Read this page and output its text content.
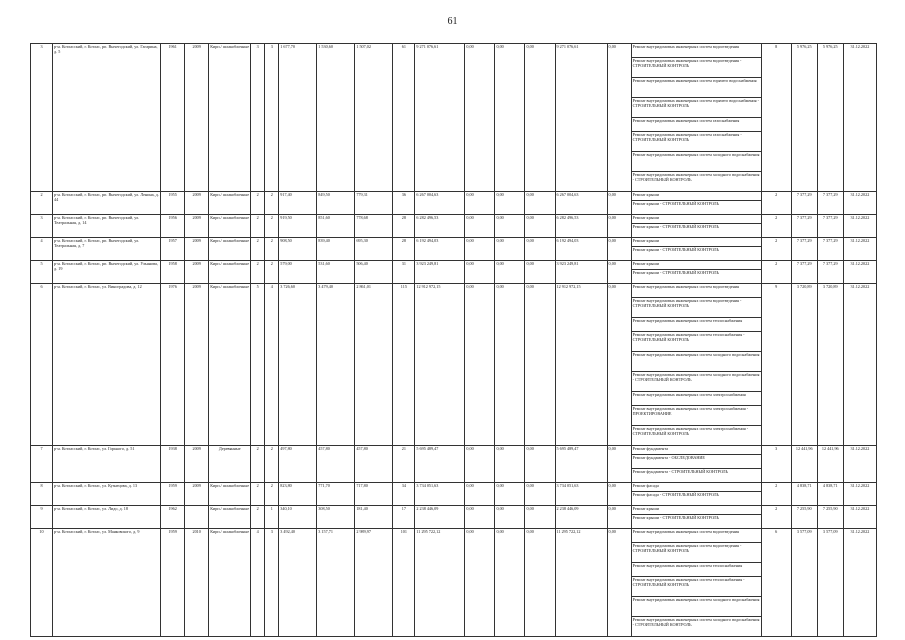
61
3	р-н. Котласский, г. Котлас, рп. Вычегодский, ул. Гагарина, д. 5	1961	2009	Кирп./ шлакоблочные	3	3	1 677,70	1 530,60	1 507,02	61	9 271 076,61	0,00	0,00	0,00	9 271 076,61	0,00	Ремонт внутридомовых инженерных систем водоотведения	8	5 976,25	5 976,25	31.12.2022
																	Ремонт внутридомовых инженерных систем водоотведения - СТРОИТЕЛЬНЫЙ КОНТРОЛЬ				
																	Ремонт внутридомовых инженерных систем горячего водоснабжения				
																	Ремонт внутридомовых инженерных систем горячего водоснабжения - СТРОИТЕЛЬНЫЙ КОНТРОЛЬ				
																	Ремонт внутридомовых инженерных систем газоснабжения				
																	Ремонт внутридомовых инженерных систем газоснабжения - СТРОИТЕЛЬНЫЙ КОНТРОЛЬ				
																	Ремонт внутридомовых инженерных систем холодного водоснабжения				
																	Ремонт внутридомовых инженерных систем холодного водоснабжения - СТРОИТЕЛЬНЫЙ КОНТРОЛЬ				
2	р-н. Котласский, г. Котлас, рп. Вычегодский, ул. Ленина, д. 44	1955	2009	Кирп./ шлакоблочные	2	2	917,40	849,50	779,31	36	6 267 004,63	0,00	0,00	0,00	6 267 004,63	0,00	Ремонт крыши	2	7 377,29	7 377,29	31.12.2022
																	Ремонт крыши - СТРОИТЕЛЬНЫЙ КОНТРОЛЬ				
3	р-н. Котласский, г. Котлас, рп. Вычегодский, ул. Театральная, д. 14	1956	2009	Кирп./ шлакоблочные	2	2	919,50	851,60	778,68	28	6 282 496,53	0,00	0,00	0,00	6 282 496,53	0,00	Ремонт крыши	2	7 377,29	7 377,29	31.12.2022
																	Ремонт крыши - СТРОИТЕЛЬНЫЙ КОНТРОЛЬ				
4	р-н. Котласский, г. Котлас, рп. Вычегодский, ул. Театральная, д. 7	1957	2009	Кирп./ шлакоблочные	2	2	908,50	839,40	695,30	28	6 192 494,03	0,00	0,00	0,00	6 192 494,03	0,00	Ремонт крыши	2	7 377,29	7 377,29	31.12.2022
																	Ремонт крыши - СТРОИТЕЛЬНЫЙ КОНТРОЛЬ				
5	р-н. Котласский, г. Котлас, рп. Вычегодский, ул. Ульянова, д. 19	1958	2009	Кирп./ шлакоблочные	2	2	579,00	531,60	506,40	31	3 923 249,81	0,00	0,00	0,00	3 923 249,81	0,00	Ремонт крыши	2	7 377,29	7 377,29	31.12.2022
																	Ремонт крыши - СТРОИТЕЛЬНЫЙ КОНТРОЛЬ				
6	р-н. Котласский, г. Котлас, ул. Виноградова, д. 12	1976	2009	Кирп./ шлакоблочные	5	4	3 726,60	3 479,40	2 861,01	115	12 912 972,15	0,00	0,00	0,00	12 912 972,15	0,00	Ремонт внутридомовых инженерных систем водоотведения	9	3 720,89	3 720,89	31.12.2022
																	Ремонт внутридомовых инженерных систем водоотведения - СТРОИТЕЛЬНЫЙ КОНТРОЛЬ				
																	Ремонт внутридомовых инженерных систем теплоснабжения				
																	Ремонт внутридомовых инженерных систем теплоснабжения - СТРОИТЕЛЬНЫЙ КОНТРОЛЬ				
																	Ремонт внутридомовых инженерных систем холодного водоснабжения				
																	Ремонт внутридомовых инженерных систем холодного водоснабжения - СТРОИТЕЛЬНЫЙ КОНТРОЛЬ				
																	Ремонт внутридомовых инженерных систем электроснабжения				
																	Ремонт внутридомовых инженерных систем электроснабжения - ПРОЕКТИРОВАНИЕ				
																	Ремонт внутридомовых инженерных систем электроснабжения - СТРОИТЕЛЬНЫЙ КОНТРОЛЬ				
7	р-н. Котласский, г. Котлас, ул. Горького, д. 51	1938	2009	Деревянные	2	2	497,80	457,80	457,80	21	5 695 489,47	0,00	0,00	0,00	5 695 489,47	0,00	Ремонт фундамента	3	12 441,96	12 441,96	31.12.2022
																	Ремонт фундамента - ОБСЛЕДОВАНИЕ				
																	Ремонт фундамента - СТРОИТЕЛЬНЫЙ КОНТРОЛЬ				
8	р-н. Котласский, г. Котлас, ул. Кузнецова, д. 13	1959	2009	Кирп./ шлакоблочные	2	2	823,80	771,70	717,80	34	3 734 051,63	0,00	0,00	0,00	3 734 051,63	0,00	Ремонт фасада	2	4 838,71	4 838,71	31.12.2022
																	Ремонт фасада - СТРОИТЕЛЬНЫЙ КОНТРОЛЬ				
9	р-н. Котласский, г. Котлас, ул. Лидо, д. 18	1962		Кирп./ шлакоблочные	2	1	340,10	308,50	181,40	17	2 238 446,09	0,00	0,00	0,00	2 238 446,09	0,00	Ремонт крыши	2	7 255,90	7 255,90	31.12.2022
																	Ремонт крыши - СТРОИТЕЛЬНЫЙ КОНТРОЛЬ				
10	р-н. Котласский, г. Котлас, ул. Маяковского, д. 9	1959	2010	Кирп./ шлакоблочные	4	3	3 492,40	3 157,71	2 989,97	101	11 295 722,12	0,00	0,00	0,00	11 295 722,12	0,00	Ремонт внутридомовых инженерных систем водоотведения	6	3 577,09	3 577,09	31.12.2022
																	Ремонт внутридомовых инженерных систем водоотведения - СТРОИТЕЛЬНЫЙ КОНТРОЛЬ				
																	Ремонт внутридомовых инженерных систем теплоснабжения				
																	Ремонт внутридомовых инженерных систем теплоснабжения - СТРОИТЕЛЬНЫЙ КОНТРОЛЬ				
																	Ремонт внутридомовых инженерных систем холодного водоснабжения				
																	Ремонт внутридомовых инженерных систем холодного водоснабжения - СТРОИТЕЛЬНЫЙ КОНТРОЛЬ				
